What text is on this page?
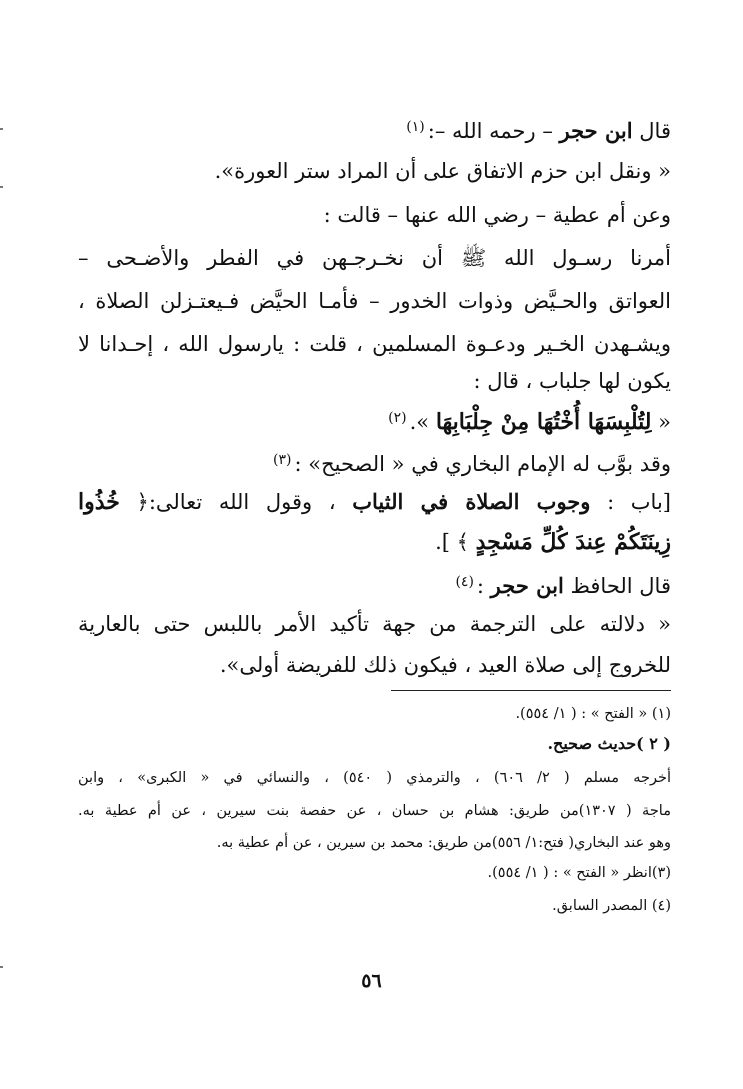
قال ابن حجر – رحمه الله –:$^{(١)}$
« ونقل ابن حزم الاتفاق على أن المراد ستر العورة».
وعن أم عطية – رضي الله عنها – قالت :
أمرنا رسـول الله ﷺ أن نخـرجـهن في الفطر والأضـحى –
العواتق والحـيَّض وذوات الخدور – فأمـا الحيَّض فـيعتـزلن الصلاة ،
ويشـهدن الخـير ودعـوة المسلمين ، قلت : يارسول الله ، إحـدانا لا
يكون لها جلباب ، قال :
« لِتُلْبِسَهَا أُخْتُهَا مِنْ جِلْبَابِهَا ».$^{(٢)}$
وقد بوَّب له الإمام البخاري في « الصحيح» :$^{(٣)}$
[باب : وجوب الصلاة في الثياب ، وقول الله تعالى:﴿ خُذُوا
زِينَتَكُمْ عِندَ كُلِّ مَسْجِدٍ ﴾ ].
قال الحافظ ابن حجر :$^{(٤)}$
« دلالته على الترجمة من جهة تأكيد الأمر باللبس حتى بالعارية
للخروج إلى صلاة العيد ، فيكون ذلك للفريضة أولى».
(١) « الفتح » : ( ١/ ٥٥٤).
( ٢ )حديث صحيح.
أخرجه مسلم ( ٢/ ٦٠٦) ، والترمذي ( ٥٤٠) ، والنسائي في « الكبرى» ، وابن
ماجة ( ١٣٠٧)من طريق: هشام بن حسان ، عن حفصة بنت سيرين ، عن أم عطية به.
وهو عند البخاري( فتح:١/ ٥٥٦)من طريق: محمد بن سيرين ، عن أم عطية به.
(٣)انظر « الفتح » : ( ١/ ٥٥٤).
(٤) المصدر السابق.
٥٦
